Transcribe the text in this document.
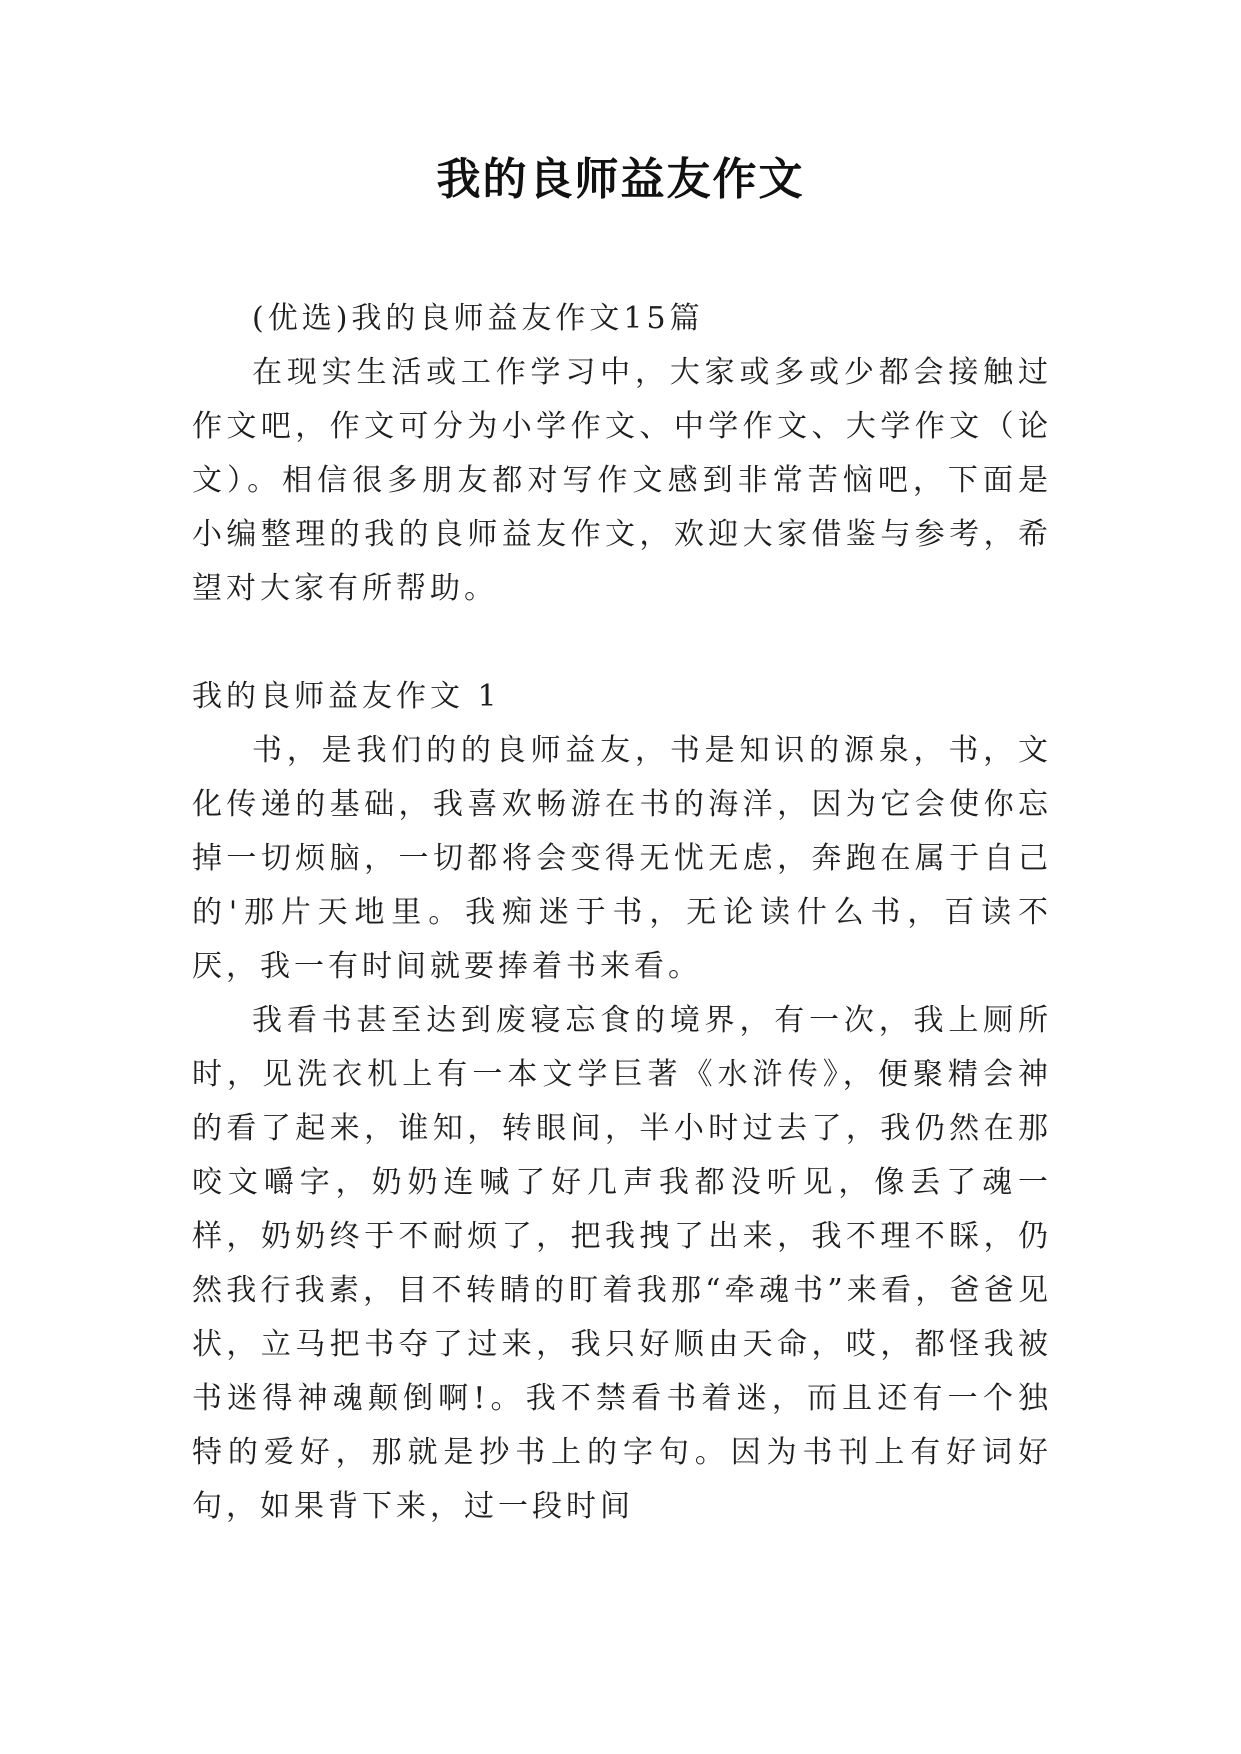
我的良师益友作文

(优选)我的良师益友作文15篇

在现实生活或工作学习中，大家或多或少都会接触过作文吧，作文可分为小学作文、中学作文、大学作文（论文）。相信很多朋友都对写作文感到非常苦恼吧，下面是小编整理的我的良师益友作文，欢迎大家借鉴与参考，希望对大家有所帮助。

我的良师益友作文 1

书，是我们的的良师益友，书是知识的源泉，书，文化传递的基础，我喜欢畅游在书的海洋，因为它会使你忘掉一切烦脑，一切都将会变得无忧无虑，奔跑在属于自己的'那片天地里。我痴迷于书，无论读什么书，百读不厌，我一有时间就要捧着书来看。

我看书甚至达到废寝忘食的境界，有一次，我上厕所时，见洗衣机上有一本文学巨著《水浒传》，便聚精会神的看了起来，谁知，转眼间，半小时过去了，我仍然在那咬文嚼字，奶奶连喊了好几声我都没听见，像丢了魂一样，奶奶终于不耐烦了，把我拽了出来，我不理不睬，仍然我行我素，目不转睛的盯着我那“牵魂书”来看，爸爸见状，立马把书夺了过来，我只好顺由天命，哎，都怪我被书迷得神魂颠倒啊!。我不禁看书着迷，而且还有一个独特的爱好，那就是抄书上的字句。因为书刊上有好词好句，如果背下来，过一段时间
